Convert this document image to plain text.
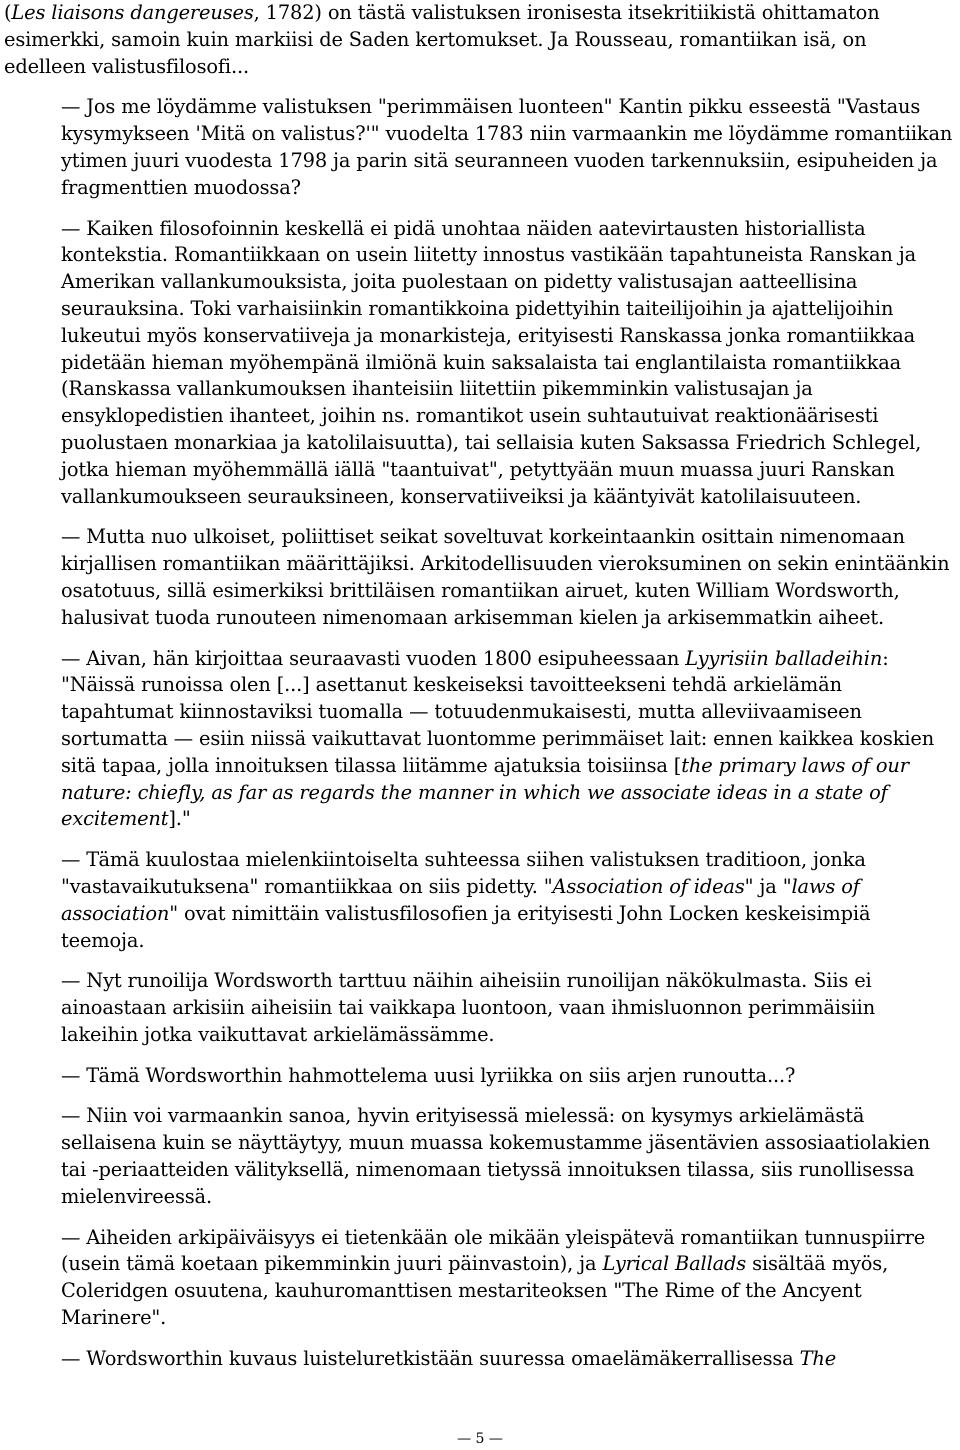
(Les liaisons dangereuses, 1782) on tästä valistuksen ironisesta itsekritiikistä ohittamaton esimerkki, samoin kuin markiisi de Saden kertomukset. Ja Rousseau, romantiikan isä, on edelleen valistusfilosofi...

— Jos me löydämme valistuksen "perimmäisen luonteen" Kantin pikku esseestä "Vastaus kysymykseen 'Mitä on valistus?'" vuodelta 1783 niin varmaankin me löydämme romantiikan ytimen juuri vuodesta 1798 ja parin sitä seuranneen vuoden tarkennuksiin, esipuheiden ja fragmenttien muodossa?

— Kaiken filosofoinnin keskellä ei pidä unohtaa näiden aatevirtausten historiallista kontekstia. Romantiikkaan on usein liitetty innostus vastikään tapahtuneista Ranskan ja Amerikan vallankumouksista, joita puolestaan on pidetty valistusajan aatteellisina seurauksina. Toki varhaisiinkin romantikkoina pidettyihin taiteilijoihin ja ajattelijoihin lukeutui myös konservatiiveja ja monarkisteja, erityisesti Ranskassa jonka romantiikkaa pidetään hieman myöhempänä ilmiönä kuin saksalaista tai englantilaista romantiikkaa (Ranskassa vallankumouksen ihanteisiin liitettiin pikemminkin valistusajan ja ensyklopedistien ihanteet, joihin ns. romantikot usein suhtautuivat reaktionäärisesti puolustaen monarkiaa ja katolilaisuutta), tai sellaisia kuten Saksassa Friedrich Schlegel, jotka hieman myöhemmällä iällä "taantuivat", petyttyään muun muassa juuri Ranskan vallankumoukseen seurauksineen, konservatiiveiksi ja kääntyivät katolilaisuuteen.

— Mutta nuo ulkoiset, poliittiset seikat soveltuvat korkeintaankin osittain nimenomaan kirjallisen romantiikan määrittäjiksi. Arkitodellisuuden vieroksuminen on sekin enintäänkin osatotuus, sillä esimerkiksi brittiläisen romantiikan airuet, kuten William Wordsworth, halusivat tuoda runouteen nimenomaan arkisemman kielen ja arkisemmatkin aiheet.

— Aivan, hän kirjoittaa seuraavasti vuoden 1800 esipuheessaan Lyyrisiin balladeihin: "Näissä runoissa olen [...] asettanut keskeiseksi tavoitteekseni tehdä arkielämän tapahtumat kiinnostaviksi tuomalla — totuudenmukaisesti, mutta alleviivaamiseen sortumatta — esiin niissä vaikuttavat luontomme perimmäiset lait: ennen kaikkea koskien sitä tapaa, jolla innoituksen tilassa liitämme ajatuksia toisiinsa [the primary laws of our nature: chiefly, as far as regards the manner in which we associate ideas in a state of excitement]."

— Tämä kuulostaa mielenkiintoiselta suhteessa siihen valistuksen traditioon, jonka "vastavaikutuksena" romantiikkaa on siis pidetty. "Association of ideas" ja "laws of association" ovat nimittäin valistusfilosofien ja erityisesti John Locken keskeisimpiä teemoja.

— Nyt runoilija Wordsworth tarttuu näihin aiheisiin runoilijan näkökulmasta. Siis ei ainoastaan arkisiin aiheisiin tai vaikkapa luontoon, vaan ihmisluonnon perimmäisiin lakeihin jotka vaikuttavat arkielämässämme.

— Tämä Wordsworthin hahmottelema uusi lyriikka on siis arjen runoutta...?

— Niin voi varmaankin sanoa, hyvin erityisessä mielessä: on kysymys arkielämästä sellaisena kuin se näyttäytyy, muun muassa kokemustamme jäsentävien assosiaatiolakien tai -periaatteiden välityksellä, nimenomaan tietyssä innoituksen tilassa, siis runollisessa mielenvireessä.

— Aiheiden arkipäiväisyys ei tietenkään ole mikään yleispätevä romantiikan tunnuspiirre (usein tämä koetaan pikemminkin juuri päinvastoin), ja Lyrical Ballads sisältää myös, Coleridgen osuutena, kauhuromanttisen mestariteoksen "The Rime of the Ancyent Marinere".

— Wordsworthin kuvaus luisteluretkistään suuressa omaelämäkerrallisessa The

— 5 —
